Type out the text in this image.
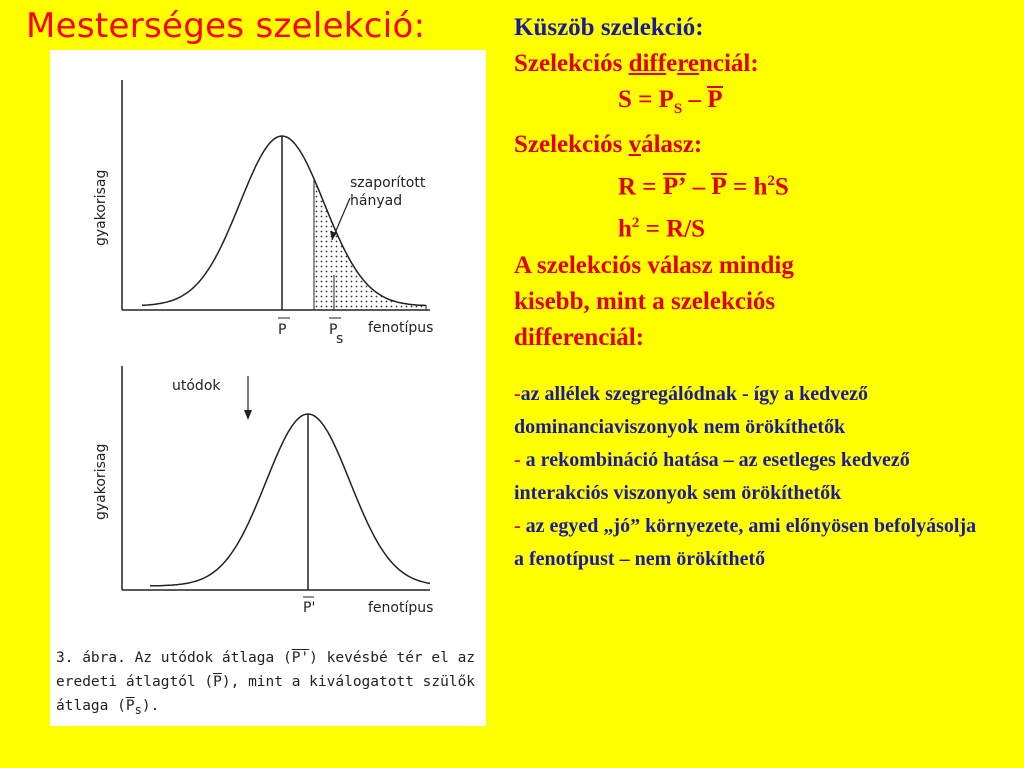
Mesterséges szelekció:
szaporított
hányad
gyakorisag
fenotípus
P	P
s
utódok
gyakorisag
fenotípus
P'
3. ábra. Az utódok átlaga (P') kevésbé tér el az eredeti átlagtól $(\overline{P})$, mint a kiválogatott szülők átlaga $(\overline{P}_s)$.
Küszöb szelekció:
Szelekciós differenciál:
$S = P_S - P$
Szelekciós válasz:
R = P’ – $P = h^2S$
$h^2 = R/S$
A szelekciós válasz mindig
kisebb, mint a szelekciós
differenciál:
-az allélek szegregálódnak - így a kedvező dominanciaviszonyok nem örökíthetők
- a rekombináció hatása – az esetleges kedvező interakciós viszonyok sem örökíthetők
- az egyed „jó” környezete, ami előnyösen befolyásolja a fenotípust – nem örökíthető
